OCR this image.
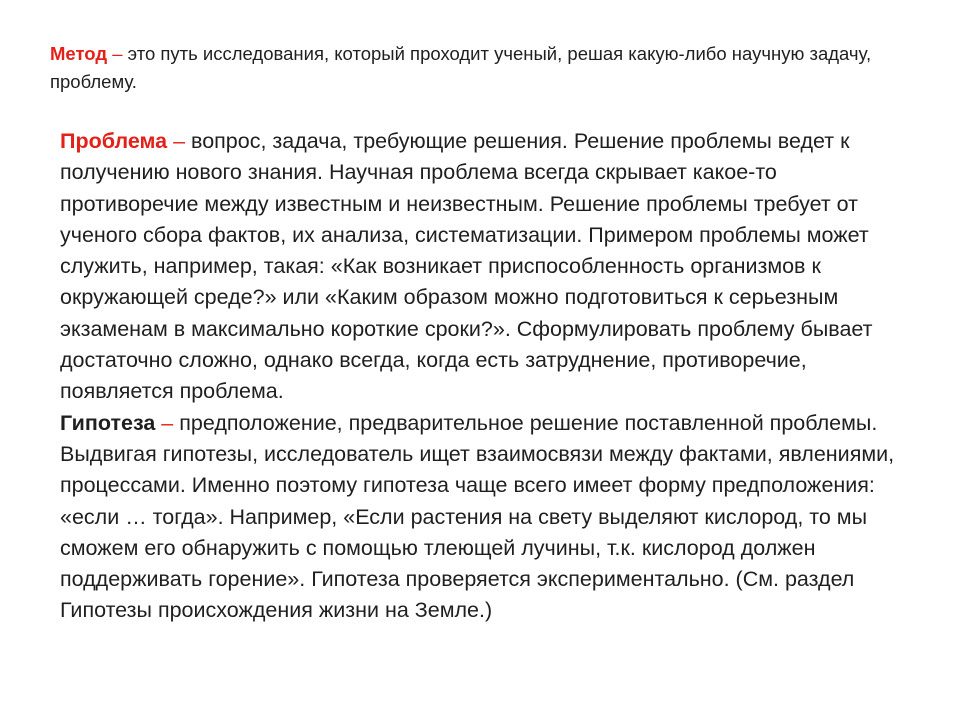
Метод – это путь исследования, который проходит ученый, решая какую-либо научную задачу, проблему.

Проблема – вопрос, задача, требующие решения. Решение проблемы ведет к получению нового знания. Научная проблема всегда скрывает какое-то противоречие между известным и неизвестным. Решение проблемы требует от ученого сбора фактов, их анализа, систематизации. Примером проблемы может служить, например, такая: «Как возникает приспособленность организмов к окружающей среде?» или «Каким образом можно подготовиться к серьезным экзаменам в максимально короткие сроки?». Сформулировать проблему бывает достаточно сложно, однако всегда, когда есть затруднение, противоречие, появляется проблема.

Гипотеза – предположение, предварительное решение поставленной проблемы. Выдвигая гипотезы, исследователь ищет взаимосвязи между фактами, явлениями, процессами. Именно поэтому гипотеза чаще всего имеет форму предположения: «если … тогда». Например, «Если растения на свету выделяют кислород, то мы сможем его обнаружить с помощью тлеющей лучины, т.к. кислород должен поддерживать горение». Гипотеза проверяется экспериментально. (См. раздел Гипотезы происхождения жизни на Земле.)
